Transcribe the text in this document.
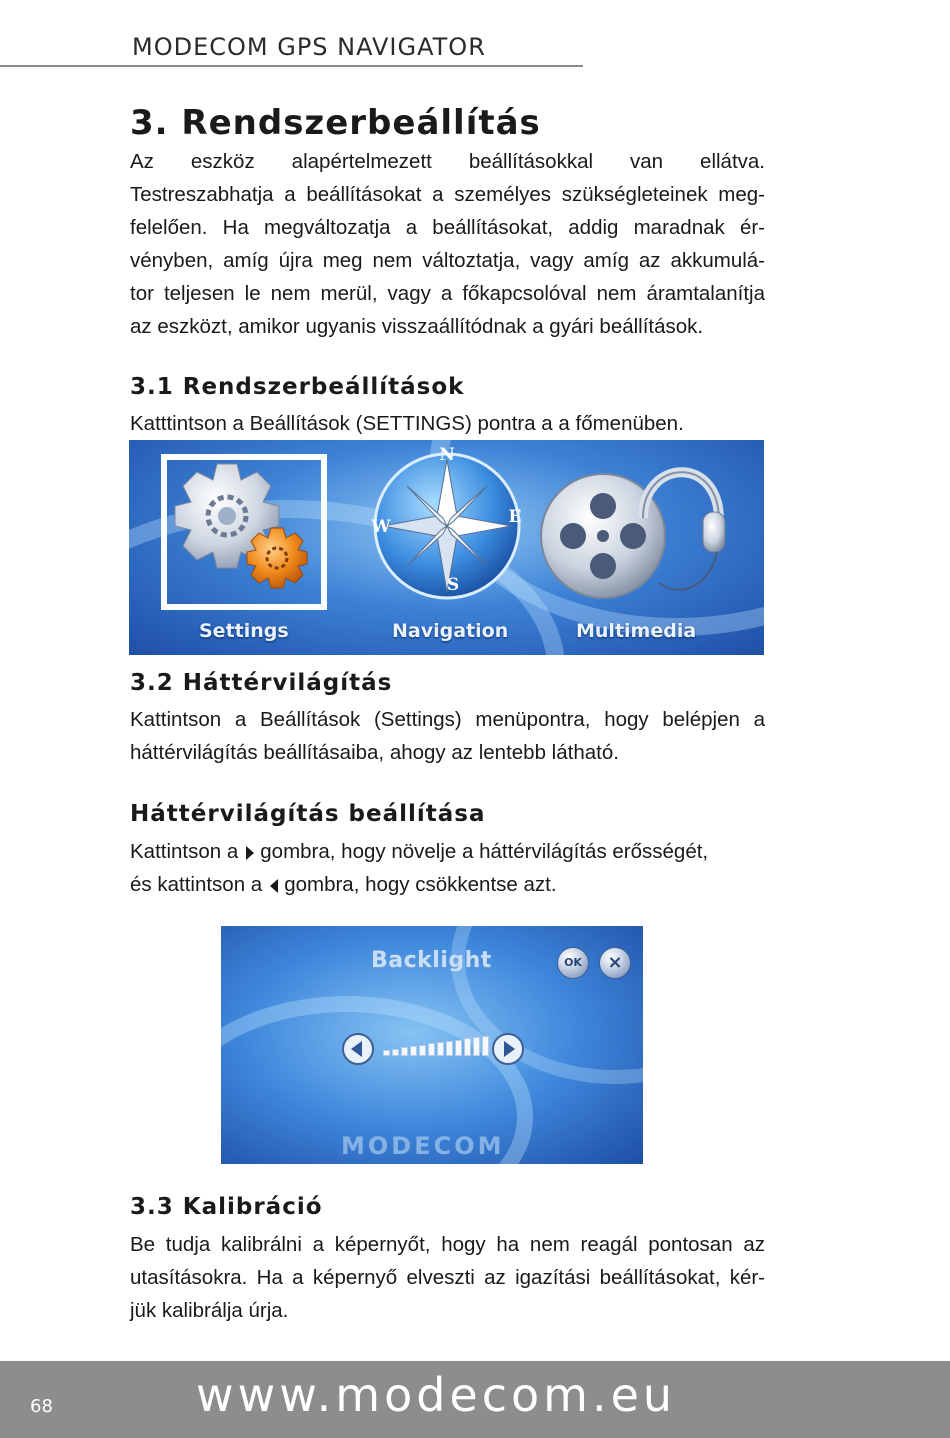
MODECOM GPS NAVIGATOR
3. Rendszerbeállítás
Az eszköz alapértelmezett beállításokkal van ellátva.
Testreszabhatja a beállításokat a személyes szükségleteinek meg-
felelően. Ha megváltozatja a beállításokat, addig maradnak ér-
vényben, amíg újra meg nem változtatja, vagy amíg az akkumulá-
tor teljesen le nem merül, vagy a főkapcsolóval nem áramtalanítja
az eszközt, amikor ugyanis visszaállítódnak a gyári beállítások.
3.1 Rendszerbeállítások
Katttintson a Beállítások (SETTINGS) pontra a a főmenüben.
N
E
S
W
Settings	Navigation	Multimedia
3.2 Háttérvilágítás
Kattintson a Beállítások (Settings) menüpontra, hogy belépjen a
háttérvilágítás beállításaiba, ahogy az lentebb látható.
Háttérvilágítás beállítása
Kattintson a gombra, hogy növelje a háttérvilágítás erősségét,
és kattintson a gombra, hogy csökkentse azt.
Backlight	OK	×
MODECOM
3.3 Kalibráció
Be tudja kalibrálni a képernyőt, hogy ha nem reagál pontosan az
utasításokra. Ha a képernyő elveszti az igazítási beállításokat, kér-
jük kalibrálja úrja.
68	www.modecom.eu
